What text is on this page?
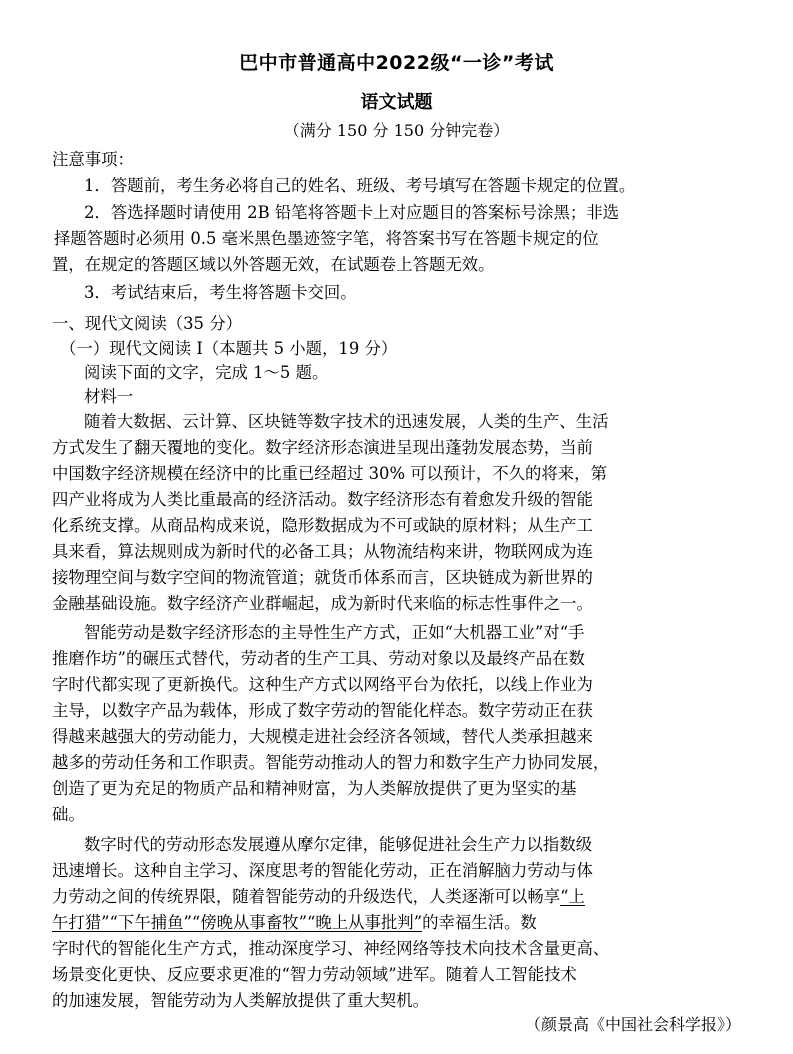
巴中市普通高中2022级“一诊”考试
语文试题
（满分 150 分 150 分钟完卷）
注意事项：
1．答题前，考生务必将自己的姓名、班级、考号填写在答题卡规定的位置。
2．答选择题时请使用 2B 铅笔将答题卡上对应题目的答案标号涂黑；非选
择题答题时必须用 0.5 毫米黑色墨迹签字笔，将答案书写在答题卡规定的位
置，在规定的答题区域以外答题无效，在试题卷上答题无效。
3．考试结束后，考生将答题卡交回。
一、现代文阅读（35 分）
（一）现代文阅读 I（本题共 5 小题，19 分）
阅读下面的文字，完成 1～5 题。
材料一
随着大数据、云计算、区块链等数字技术的迅速发展，人类的生产、生活
方式发生了翻天覆地的变化。数字经济形态演进呈现出蓬勃发展态势，当前
中国数字经济规模在经济中的比重已经超过 30% 可以预计，不久的将来，第
四产业将成为人类比重最高的经济活动。数字经济形态有着愈发升级的智能
化系统支撑。从商品构成来说，隐形数据成为不可或缺的原材料；从生产工
具来看，算法规则成为新时代的必备工具；从物流结构来讲，物联网成为连
接物理空间与数字空间的物流管道；就货币体系而言，区块链成为新世界的
金融基础设施。数字经济产业群崛起，成为新时代来临的标志性事件之一。
智能劳动是数字经济形态的主导性生产方式，正如“大机器工业”对“手
推磨作坊”的碾压式替代，劳动者的生产工具、劳动对象以及最终产品在数
字时代都实现了更新换代。这种生产方式以网络平台为依托，以线上作业为
主导，以数字产品为载体，形成了数字劳动的智能化样态。数字劳动正在获
得越来越强大的劳动能力，大规模走进社会经济各领域，替代人类承担越来
越多的劳动任务和工作职责。智能劳动推动人的智力和数字生产力协同发展，
创造了更为充足的物质产品和精神财富，为人类解放提供了更为坚实的基
础。
数字时代的劳动形态发展遵从摩尔定律，能够促进社会生产力以指数级
迅速增长。这种自主学习、深度思考的智能化劳动，正在消解脑力劳动与体
力劳动之间的传统界限，随着智能劳动的升级迭代，人类逐渐可以畅享“上
午打猎”“下午捕鱼”“傍晚从事畜牧”“晚上从事批判”的幸福生活。数
字时代的智能化生产方式，推动深度学习、神经网络等技术向技术含量更高、
场景变化更快、反应要求更准的“智力劳动领域”进军。随着人工智能技术
的加速发展，智能劳动为人类解放提供了重大契机。
（颜景高《中国社会科学报》）
